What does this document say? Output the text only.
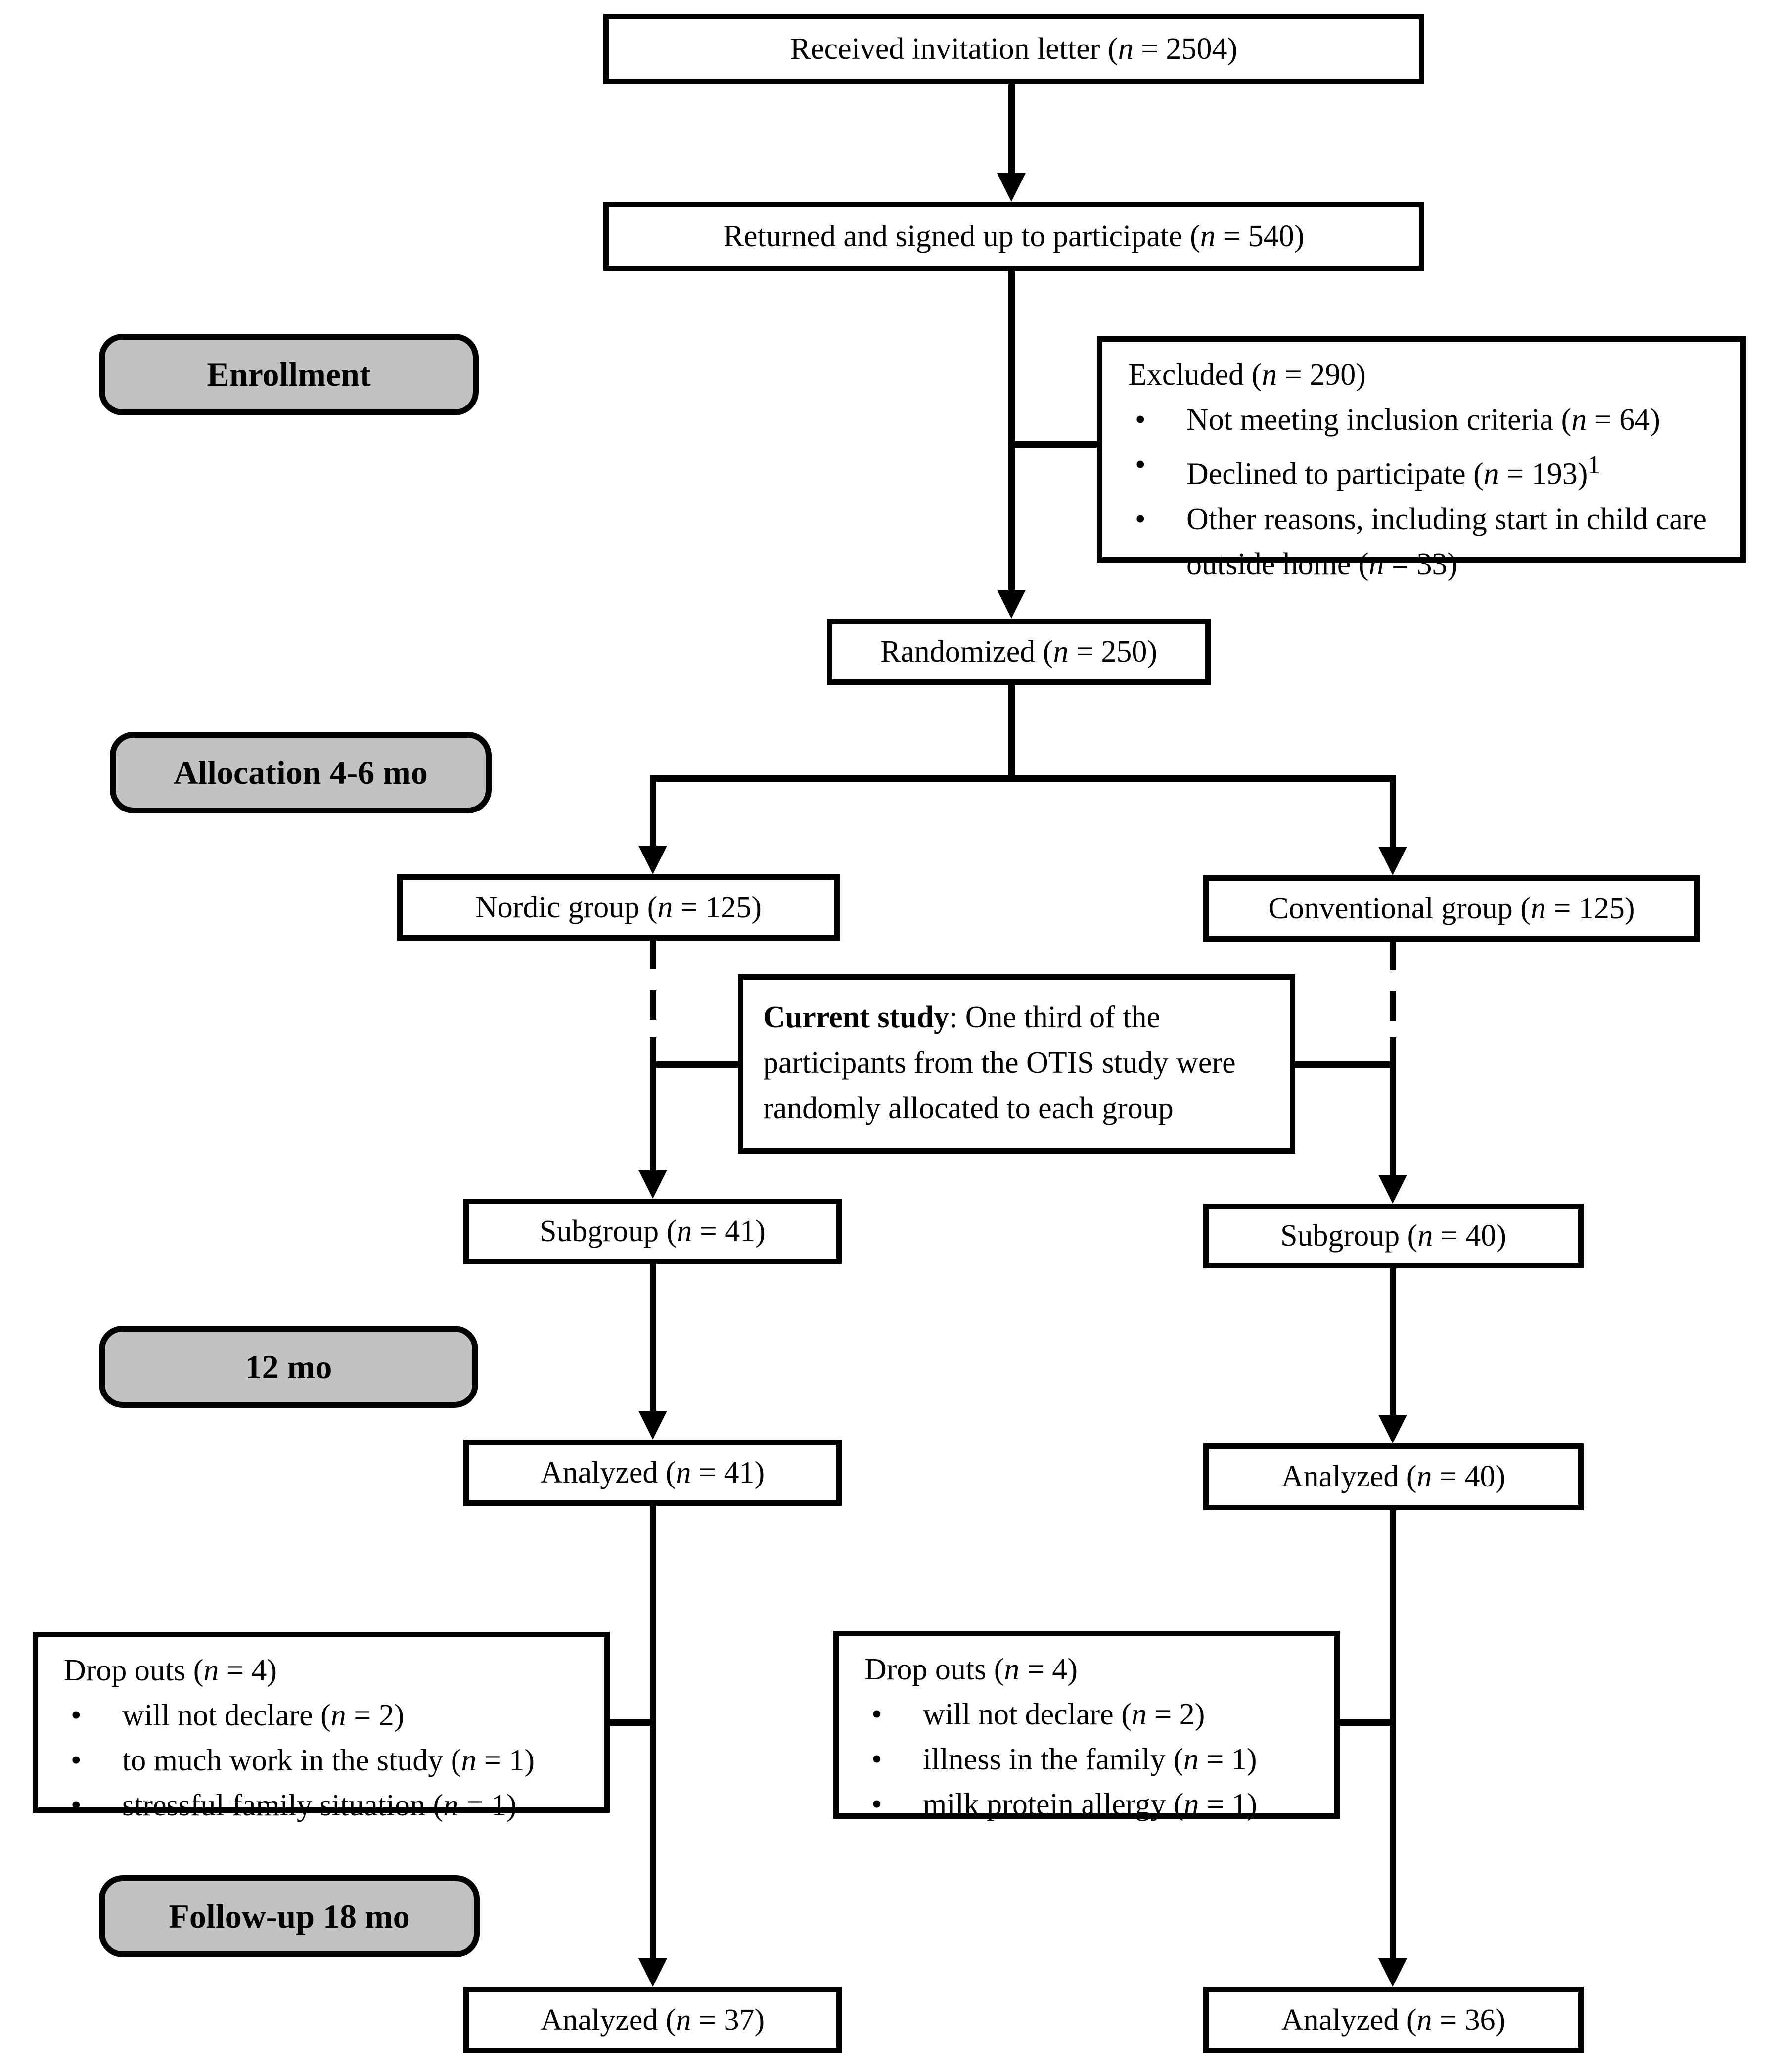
Enrollment
Allocation 4-6 mo
12 mo
Follow-up 18 mo
Received invitation letter (n = 2504)
Returned and signed up to participate (n = 540)
Excluded (n = 290)
• Not meeting inclusion criteria (n = 64)
• Declined to participate (n = 193)$^1$
• Other reasons, including start in child care outside home (n = 33)
Randomized (n = 250)
Nordic group (n = 125)	Conventional group (n = 125)
Current study: One third of the participants from the OTIS study were randomly allocated to each group
Subgroup (n = 41)	Subgroup (n = 40)
Analyzed (n = 41)	Analyzed (n = 40)
Drop outs (n = 4)
• will not declare (n = 2)
• to much work in the study (n = 1)
• stressful family situation (n = 1)
Drop outs (n = 4)
• will not declare (n = 2)
• illness in the family (n = 1)
• milk protein allergy (n = 1)
Analyzed (n = 37)	Analyzed (n = 36)
